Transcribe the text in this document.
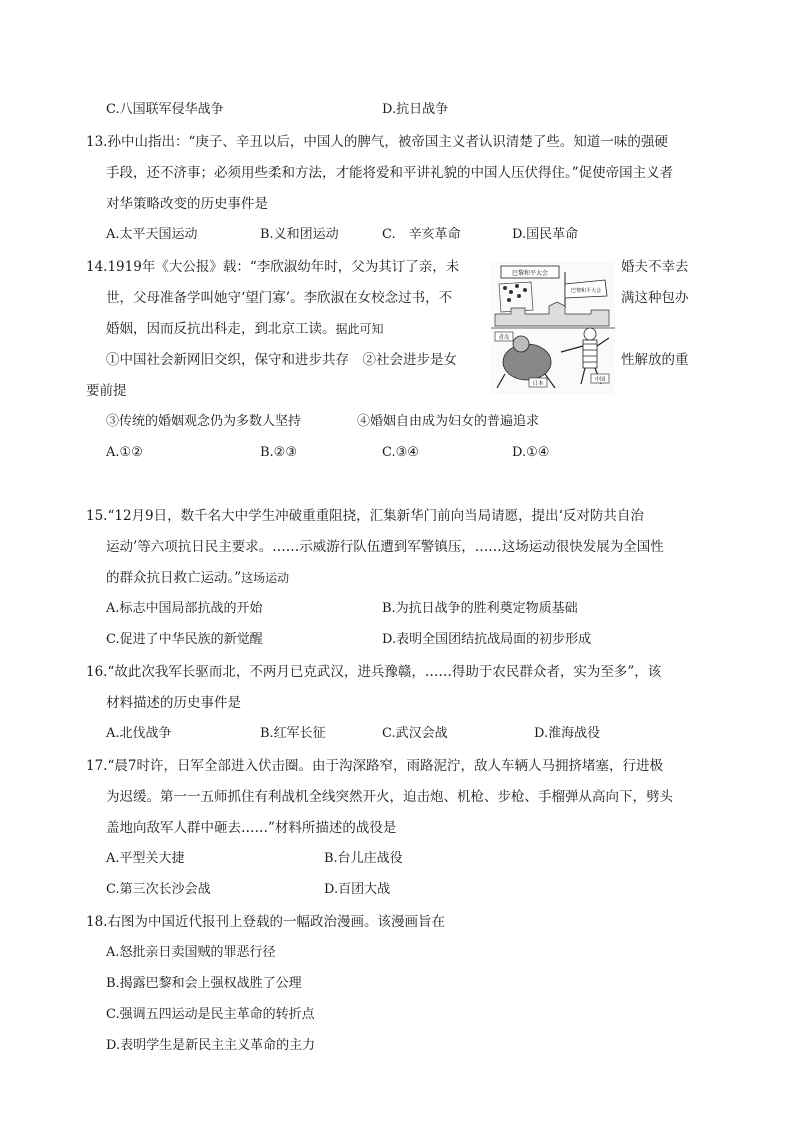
C.八国联军侵华战争	D.抗日战争
13.孙中山指出：“庚子、辛丑以后，中国人的脾气，被帝国主义者认识清楚了些。知道一味的强硬
手段，还不济事；必须用些柔和方法，才能将爱和平讲礼貌的中国人压伏得住。”促使帝国主义者
对华策略改变的历史事件是
A.太平天国运动	B.义和团运动	C.　辛亥革命	D.国民革命
14.1919年《大公报》载：“李欣淑幼年时，父为其订了亲，未	婚夫不幸去
世，父母准备学叫她守‘望门寡’。李欣淑在女校念过书，不	满这种包办
婚姻，因而反抗出科走，到北京工读。据此可知
①中国社会新网旧交织，保守和进步共存　②社会进步是女	性解放的重
要前提
③传统的婚姻观念仍为多数人坚持	④婚姻自由成为妇女的普遍追求
A.①②	B.②③	C.③④	D.①④
巴黎和平大会
巴黎和平大会
青岛
日本
中国
15.“12月9日，数千名大中学生冲破重重阻挠，汇集新华门前向当局请愿，提出‘反对防共自治
运动’等六项抗日民主要求。……示威游行队伍遭到军警镇压，……这场运动很快发展为全国性
的群众抗日救亡运动。”这场运动
A.标志中国局部抗战的开始	B.为抗日战争的胜利奠定物质基础
C.促进了中华民族的新觉醒	D.表明全国团结抗战局面的初步形成
16.“故此次我军长驱而北，不两月已克武汉，进兵豫赣，……得助于农民群众者，实为至多”，该
材料描述的历史事件是
A.北伐战争	B.红军长征	C.武汉会战	D.淮海战役
17.“晨7时许，日军全部进入伏击圈。由于沟深路窄，雨路泥泞，敌人车辆人马拥挤堵塞，行进极
为迟缓。第一一五师抓住有利战机全线突然开火，迫击炮、机枪、步枪、手榴弹从高向下，劈头
盖地向敌军人群中砸去……”材料所描述的战役是
A.平型关大捷	B.台儿庄战役
C.第三次长沙会战	D.百团大战
18.右图为中国近代报刊上登载的一幅政治漫画。该漫画旨在
A.怒批亲日卖国贼的罪恶行径
B.揭露巴黎和会上强权战胜了公理
C.强调五四运动是民主革命的转折点
D.表明学生是新民主主义革命的主力
